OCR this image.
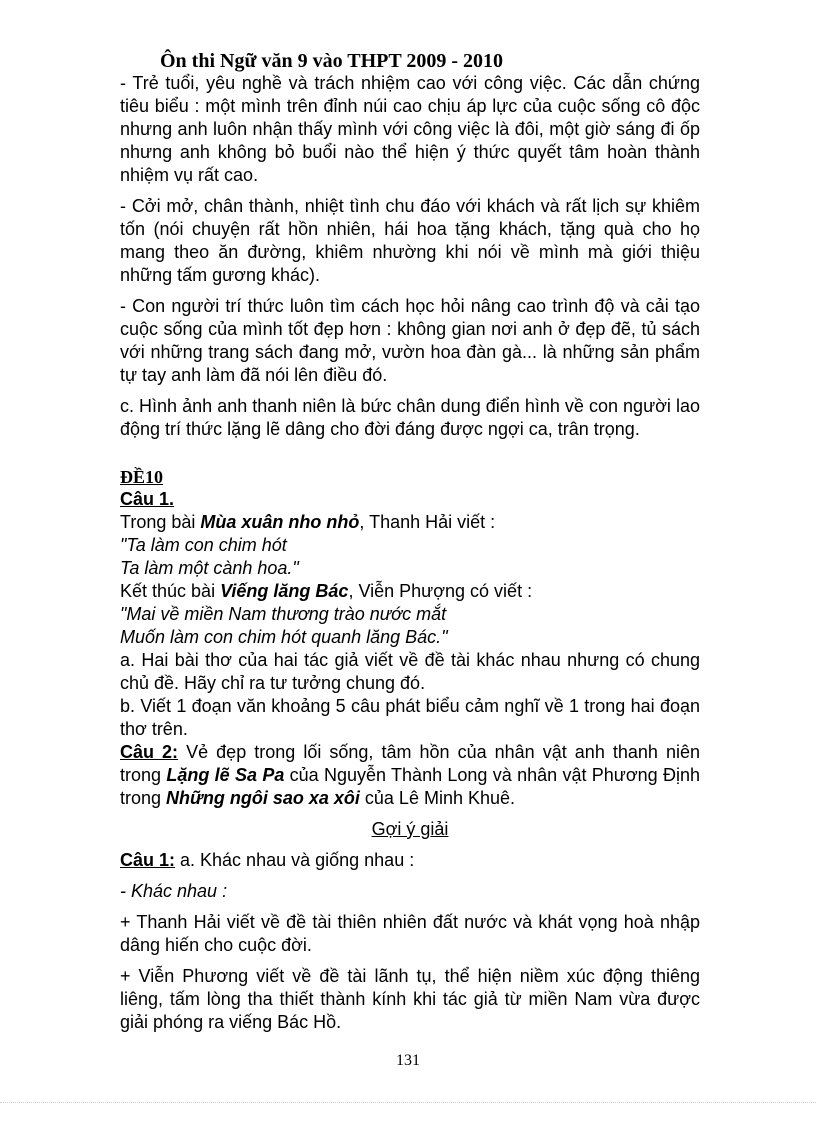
Ôn thi Ngữ văn 9 vào THPT 2009 - 2010

- Trẻ tuổi, yêu nghề và trách nhiệm cao với công việc. Các dẫn chứng tiêu biểu : một mình trên đỉnh núi cao chịu áp lực của cuộc sống cô độc nhưng anh luôn nhận thấy mình với công việc là đôi, một giờ sáng đi ốp nhưng anh không bỏ buổi nào thể hiện ý thức quyết tâm hoàn thành nhiệm vụ rất cao.

- Cởi mở, chân thành, nhiệt tình chu đáo với khách và rất lịch sự khiêm tốn (nói chuyện rất hồn nhiên, hái hoa tặng khách, tặng quà cho họ mang theo ăn đường, khiêm nhường khi nói về mình mà giới thiệu những tấm gương khác).

- Con người trí thức luôn tìm cách học hỏi nâng cao trình độ và cải tạo cuộc sống của mình tốt đẹp hơn : không gian nơi anh ở đẹp đẽ, tủ sách với những trang sách đang mở, vườn hoa đàn gà... là những sản phẩm tự tay anh làm đã nói lên điều đó.

c. Hình ảnh anh thanh niên là bức chân dung điển hình về con người lao động trí thức lặng lẽ dâng cho đời đáng được ngợi ca, trân trọng.

ĐỀ10

Câu 1.

Trong bài Mùa xuân nho nhỏ, Thanh Hải viết :

"Ta làm con chim hót

Ta làm một cành hoa."

Kết thúc bài Viếng lăng Bác, Viễn Phượng có viết :

"Mai về miền Nam thương trào nước mắt

Muốn làm con chim hót quanh lăng Bác."

a. Hai bài thơ của hai tác giả viết về đề tài khác nhau nhưng có chung chủ đề. Hãy chỉ ra tư tưởng chung đó.

b. Viết 1 đoạn văn khoảng 5 câu phát biểu cảm nghĩ về 1 trong hai đoạn thơ trên.

Câu 2: Vẻ đẹp trong lối sống, tâm hồn của nhân vật anh thanh niên trong Lặng lẽ Sa Pa của Nguyễn Thành Long và nhân vật Phương Định trong Những ngôi sao xa xôi của Lê Minh Khuê.

Gợi ý giải

Câu 1: a. Khác nhau và giống nhau :

- Khác nhau :

+ Thanh Hải viết về đề tài thiên nhiên đất nước và khát vọng hoà nhập dâng hiến cho cuộc đời.

+ Viễn Phương viết về đề tài lãnh tụ, thể hiện niềm xúc động thiêng liêng, tấm lòng tha thiết thành kính khi tác giả từ miền Nam vừa được giải phóng ra viếng Bác Hồ.

131
